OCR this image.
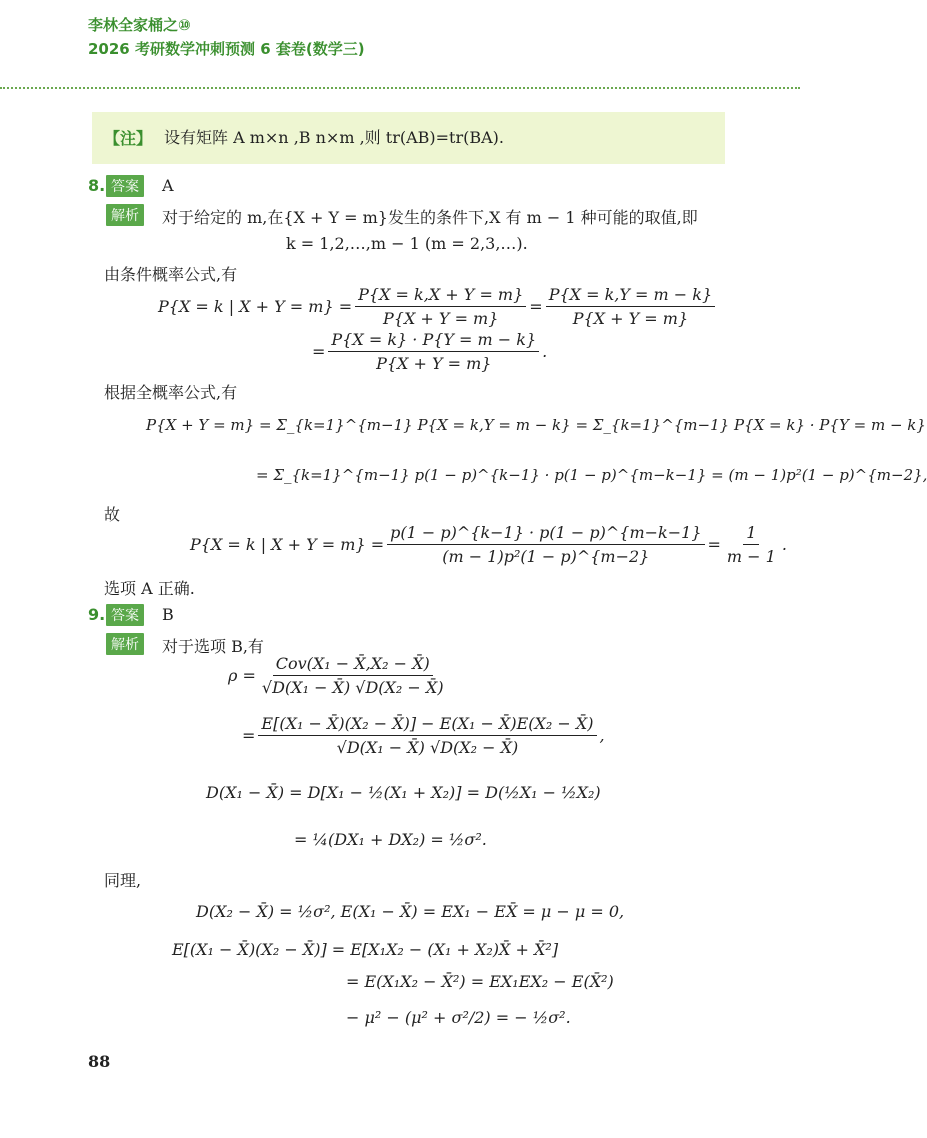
李林全家桶之⑩
2026 考研数学冲刺预测 6 套卷(数学三)
【注】 设有矩阵 A m×n ,B n×m ,则 tr(AB)=tr(BA).
8. 答案	A
解析	对于给定的 m,在{X + Y = m}发生的条件下,X 有 m − 1 种可能的取值,即
k = 1,2,…,m − 1 (m = 2,3,…).
由条件概率公式,有
P{X = k | $X + Y = m\} = \frac{P\{X = k,X + Y = m\}}{P\{X + Y = m\}} = \frac{P\{X = k,Y = m - k\}}{P\{X + Y = m\}}$
= $\frac{P\{X = k\} \cdot P\{Y = m - k\}}{P\{X + Y = m\}}$ .
根据全概率公式,有
P{X + Y = m} = Σ_{k=1}^{m−1} P{X = k,Y = m − k} = Σ_{k=1}^{m−1} P{X = k} · P{Y = m − k}
= Σ_{k=1}^{m−1} p(1 − p)^{k−1} · p(1 − p)^{m−k−1} = (m − 1)p²(1 − p)^{m−2},
故
P{X = k | $X + Y = m\} = \frac{p(1 - p)\^{}\{k-1\} \cdot p(1 - p)\^{}\{m-k-1\}}{\text{(m − 1)p²(1 − p)\textasciicircum{}\{m−2\}}} = \frac{1}{m - 1}$ .
选项 A 正确.
9. 答案	B
解析	对于选项 B,有
$\rho = \frac{\text{Cov(X₁ − X̄,X₂ − X̄)}}{\text{√D(X₁ − X̄) √D(X₂ − X̄)}}$
= $\frac{\text{E[(X₁ − X̄)(X₂ − X̄)] − E(X₁ − X̄)E(X₂ − X̄)}}{\text{√D(X₁ − X̄) √D(X₂ − X̄)}}$ ,
D(X₁ − X̄) = D[X₁ − ½(X₁ + X₂)] = D(½X₁ − ½X₂)
= ¼(DX₁ + DX₂) = ½σ².
同理,
D(X₂ − X̄) = ½σ², E(X₁ − X̄) = EX₁ − EX̄ = μ − μ = 0,
E[(X₁ − X̄)(X₂ − X̄)] = E[X₁X₂ − (X₁ + X₂)X̄ + X̄²]
= E(X₁X₂ − X̄²) = EX₁EX₂ − E(X̄²)
− μ² − (μ² + σ²/2) = − ½σ².
88
